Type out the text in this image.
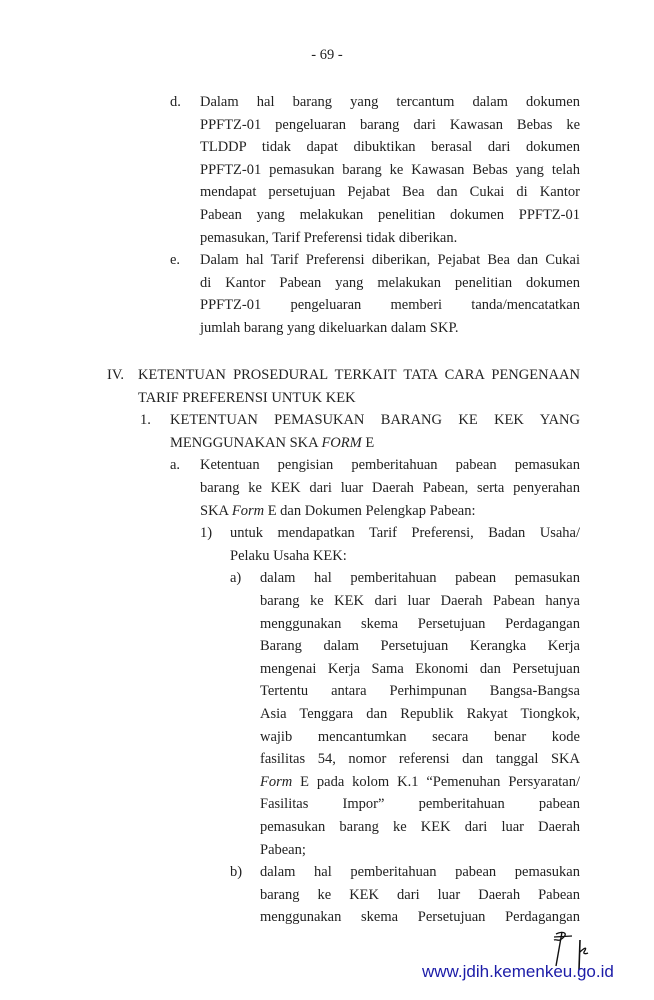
- 69 -
d. Dalam hal barang yang tercantum dalam dokumen
PPFTZ-01 pengeluaran barang dari Kawasan Bebas ke
TLDDP tidak dapat dibuktikan berasal dari dokumen
PPFTZ-01 pemasukan barang ke Kawasan Bebas yang telah
mendapat persetujuan Pejabat Bea dan Cukai di Kantor
Pabean yang melakukan penelitian dokumen PPFTZ-01
pemasukan, Tarif Preferensi tidak diberikan.
e. Dalam hal Tarif Preferensi diberikan, Pejabat Bea dan Cukai
di Kantor Pabean yang melakukan penelitian dokumen
PPFTZ-01 pengeluaran memberi tanda/mencatatkan
jumlah barang yang dikeluarkan dalam SKP.
IV. KETENTUAN PROSEDURAL TERKAIT TATA CARA PENGENAAN
TARIF PREFERENSI UNTUK KEK
1. KETENTUAN PEMASUKAN BARANG KE KEK YANG
MENGGUNAKAN SKA FORM E
a. Ketentuan pengisian pemberitahuan pabean pemasukan
barang ke KEK dari luar Daerah Pabean, serta penyerahan
SKA Form E dan Dokumen Pelengkap Pabean:
1) untuk mendapatkan Tarif Preferensi, Badan Usaha/
Pelaku Usaha KEK:
a) dalam hal pemberitahuan pabean pemasukan
barang ke KEK dari luar Daerah Pabean hanya
menggunakan skema Persetujuan Perdagangan
Barang dalam Persetujuan Kerangka Kerja
mengenai Kerja Sama Ekonomi dan Persetujuan
Tertentu antara Perhimpunan Bangsa-Bangsa
Asia Tenggara dan Republik Rakyat Tiongkok,
wajib mencantumkan secara benar kode
fasilitas 54, nomor referensi dan tanggal SKA
Form E pada kolom K.1 “Pemenuhan Persyaratan/
Fasilitas Impor” pemberitahuan pabean
pemasukan barang ke KEK dari luar Daerah
Pabean;
b) dalam hal pemberitahuan pabean pemasukan
barang ke KEK dari luar Daerah Pabean
menggunakan skema Persetujuan Perdagangan
www.jdih.kemenkeu.go.id
